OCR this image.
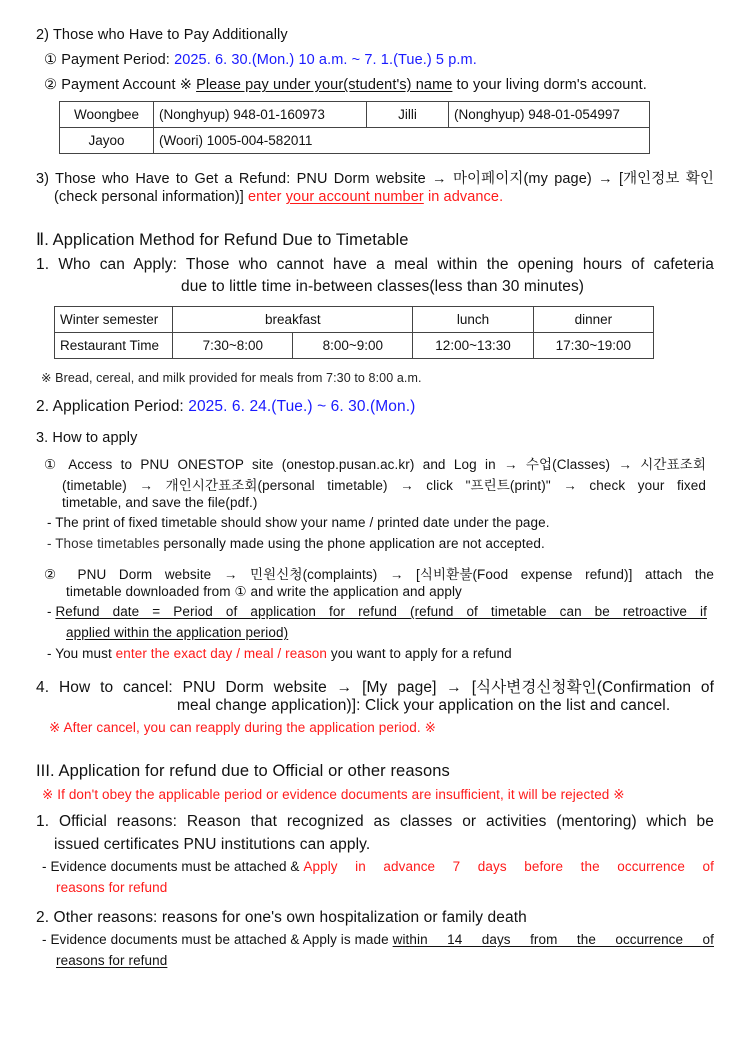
2) Those who Have to Pay Additionally
① Payment Period: 2025. 6. 30.(Mon.) 10 a.m. ~ 7. 1.(Tue.) 5 p.m.
② Payment Account ※ Please pay under your(student's) name to your living dorm's account.
Woongbee	(Nonghyup) 948-01-160973	Jilli	(Nonghyup) 948-01-054997
Jayoo	(Woori) 1005-004-582011		
3) Those who Have to Get a Refund: PNU Dorm website → 마이페이지(my page) → [개인정보 확인
(check personal information)] enter your account number in advance.
Ⅱ. Application Method for Refund Due to Timetable
1. Who can Apply: Those who cannot have a meal within the opening hours of cafeteria
due to little time in-between classes(less than 30 minutes)
Winter semester	breakfast		lunch	dinner
Restaurant Time	7:30~8:00	8:00~9:00	12:00~13:30	17:30~19:00
※ Bread, cereal, and milk provided for meals from 7:30 to 8:00 a.m.
2. Application Period: 2025. 6. 24.(Tue.) ~ 6. 30.(Mon.)
3. How to apply
① Access to PNU ONESTOP site (onestop.pusan.ac.kr) and Log in → 수업(Classes) → 시간표조회
(timetable) → 개인시간표조회(personal timetable) → click "프린트(print)" → check your fixed
timetable, and save the file(pdf.)
- The print of fixed timetable should show your name / printed date under the page.
- Those timetables personally made using the phone application are not accepted.
② PNU Dorm website → 민원신청(complaints) → [식비환불(Food expense refund)] attach the
timetable downloaded from ① and write the application and apply
- Refund date = Period of application for refund (refund of timetable can be retroactive if
applied within the application period)
- You must enter the exact day / meal / reason you want to apply for a refund
4. How to cancel: PNU Dorm website → [My page] → [식사변경신청확인(Confirmation of
meal change application)]: Click your application on the list and cancel.
※ After cancel, you can reapply during the application period. ※
III. Application for refund due to Official or other reasons
※ If don't obey the applicable period or evidence documents are insufficient, it will be rejected ※
1. Official reasons: Reason that recognized as classes or activities (mentoring) which be
issued certificates PNU institutions can apply.
- Evidence documents must be attached & Apply in advance 7 days before the occurrence of
reasons for refund
2. Other reasons: reasons for one's own hospitalization or family death
- Evidence documents must be attached & Apply is made within 14 days from the occurrence of
reasons for refund
